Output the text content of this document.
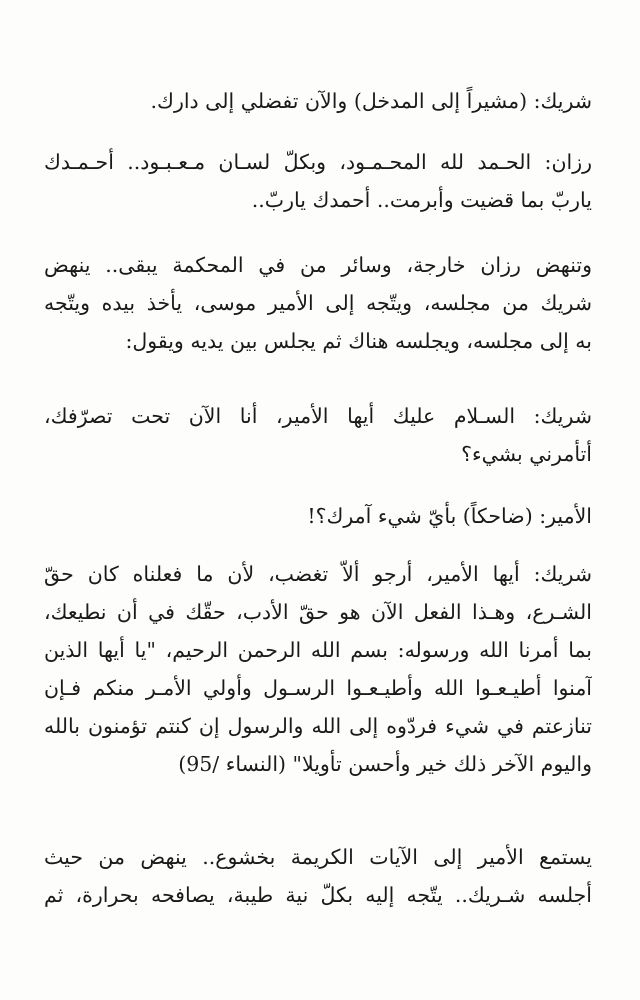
شريك: (مشيراً إلى المدخل) والآن تفضلي إلى دارك.
رزان: الحـمد لله المحـمـود، وبكلّ لسـان مـعـبـود.. أحـمـدك
ياربّ بما قضيت وأبرمت.. أحمدك ياربّ..
وتنهض رزان خارجة، وسائر من في المحكمة يبقى.. ينهض
شريك من مجلسه، ويتّجه إلى الأمير موسى، يأخذ بيده ويتّجه
به إلى مجلسه، ويجلسه هناك ثم يجلس بين يديه ويقول:
شريك: السـلام عليك أيها الأمير، أنا الآن تحت تصرّفك،
أتأمرني بشيء؟
الأمير: (ضاحكاً) بأيّ شيء آمرك؟!
شريك: أيها الأمير، أرجو ألاّ تغضب، لأن ما فعلناه كان حقّ
الشـرع، وهـذا الفعل الآن هو حقّ الأدب، حقّك في أن نطيعك،
بما أمرنا الله ورسوله: بسم الله الرحمن الرحيم، "يا أيها الذين
آمنوا أطيـعـوا الله وأطيـعـوا الرسـول وأولي الأمـر منكم فـإن
تنازعتم في شيء فردّوه إلى الله والرسول إن كنتم تؤمنون بالله
واليوم الآخر ذلك خير وأحسن تأويلا" (النساء /95)
يستمع الأمير إلى الآيات الكريمة بخشوع.. ينهض من حيث
أجلسه شـريك.. يتّجه إليه بكلّ نية طيبة، يصافحه بحرارة، ثم
